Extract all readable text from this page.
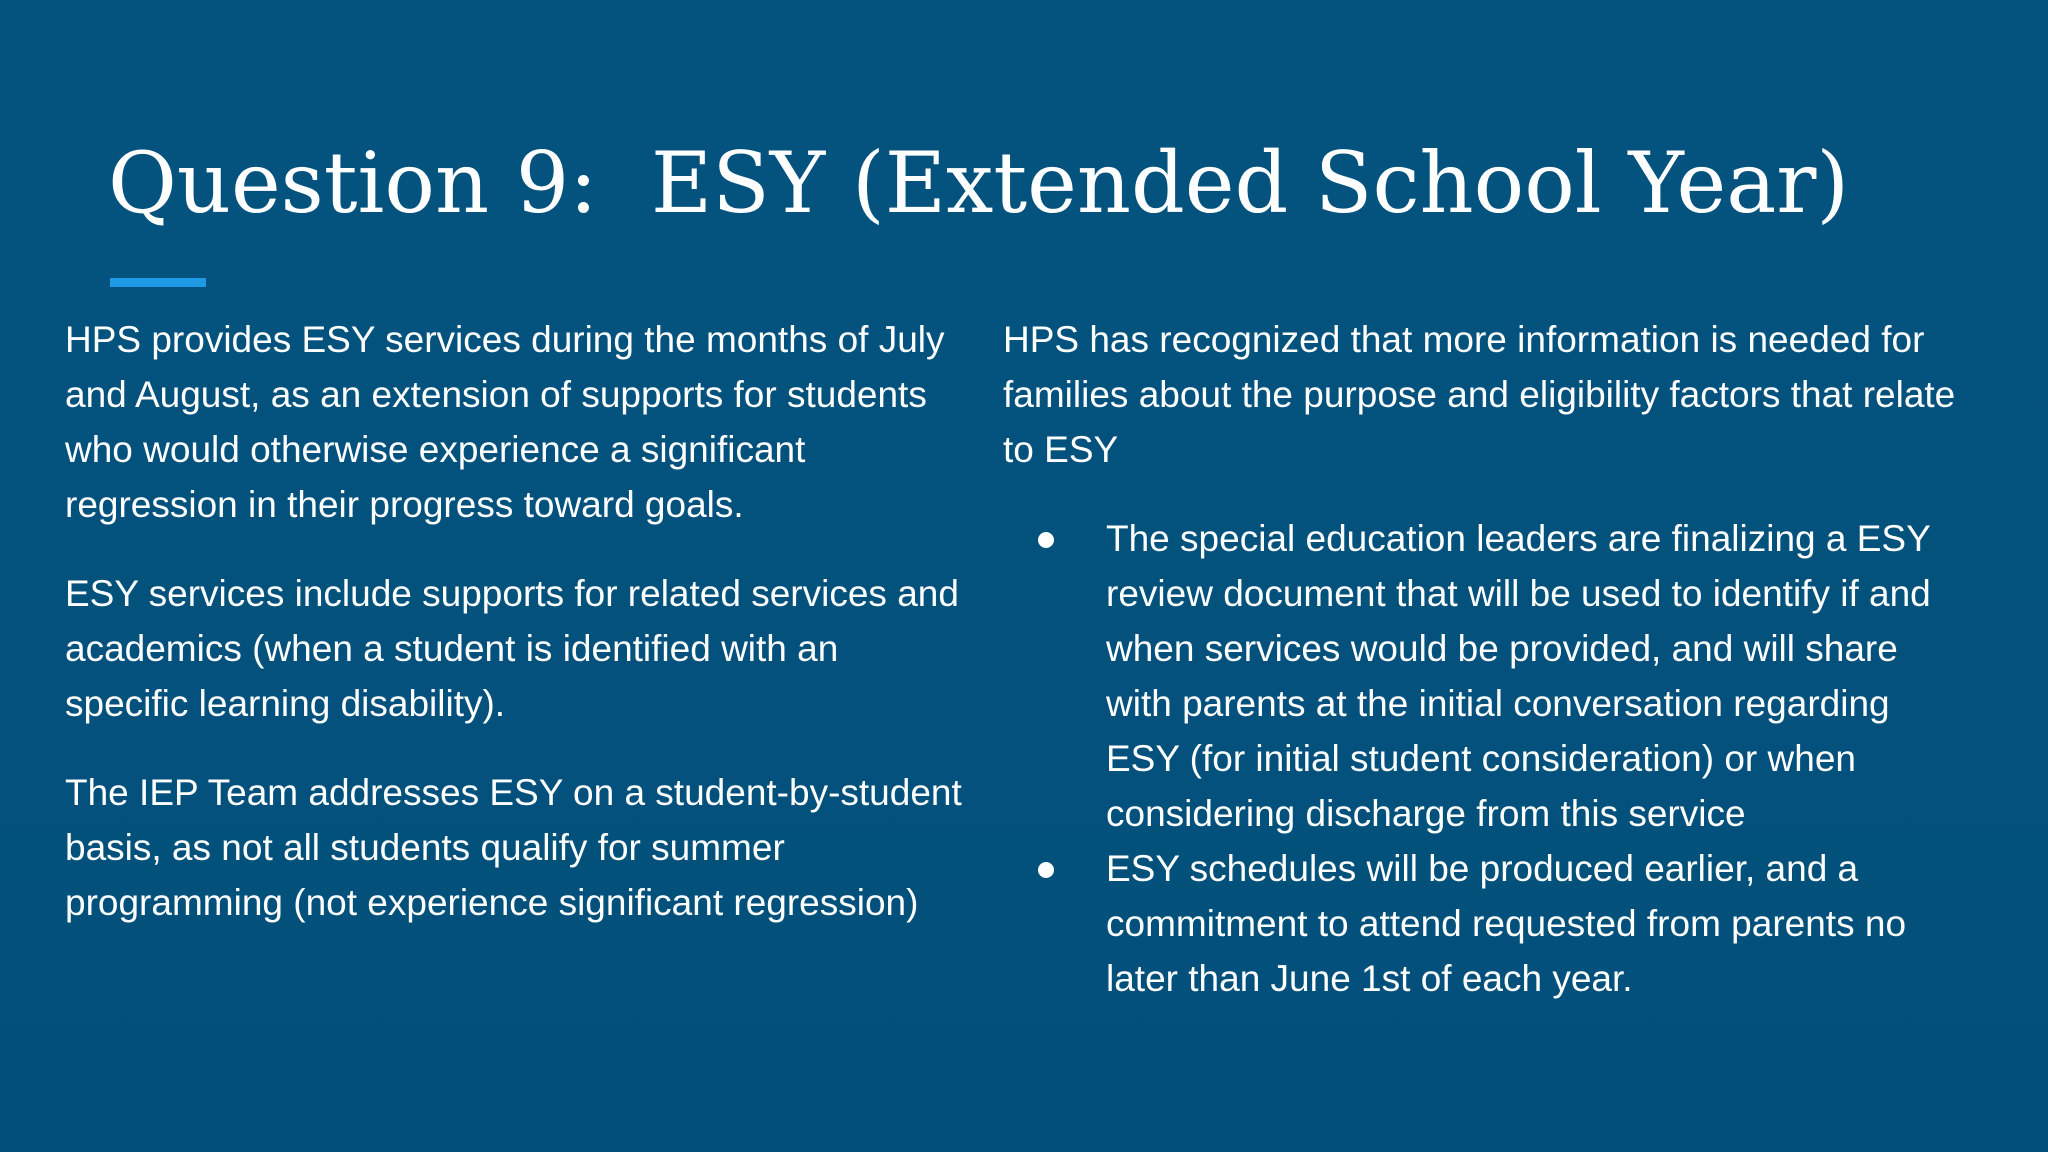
Question 9:  ESY (Extended School Year)

HPS provides ESY services during the months of July and August, as an extension of supports for students who would otherwise experience a significant regression in their progress toward goals.

ESY services include supports for related services and academics (when a student is identified with an specific learning disability).

The IEP Team addresses ESY on a student-by-student basis, as not all students qualify for summer programming (not experience significant regression)

HPS has recognized that more information is needed for families about the purpose and eligibility factors that relate to ESY

The special education leaders are finalizing a ESY review document that will be used to identify if and when services would be provided, and will share with parents at the initial conversation regarding ESY (for initial student consideration) or when considering discharge from this service
ESY schedules will be produced earlier, and a commitment to attend requested from parents no later than June 1st of each year.
